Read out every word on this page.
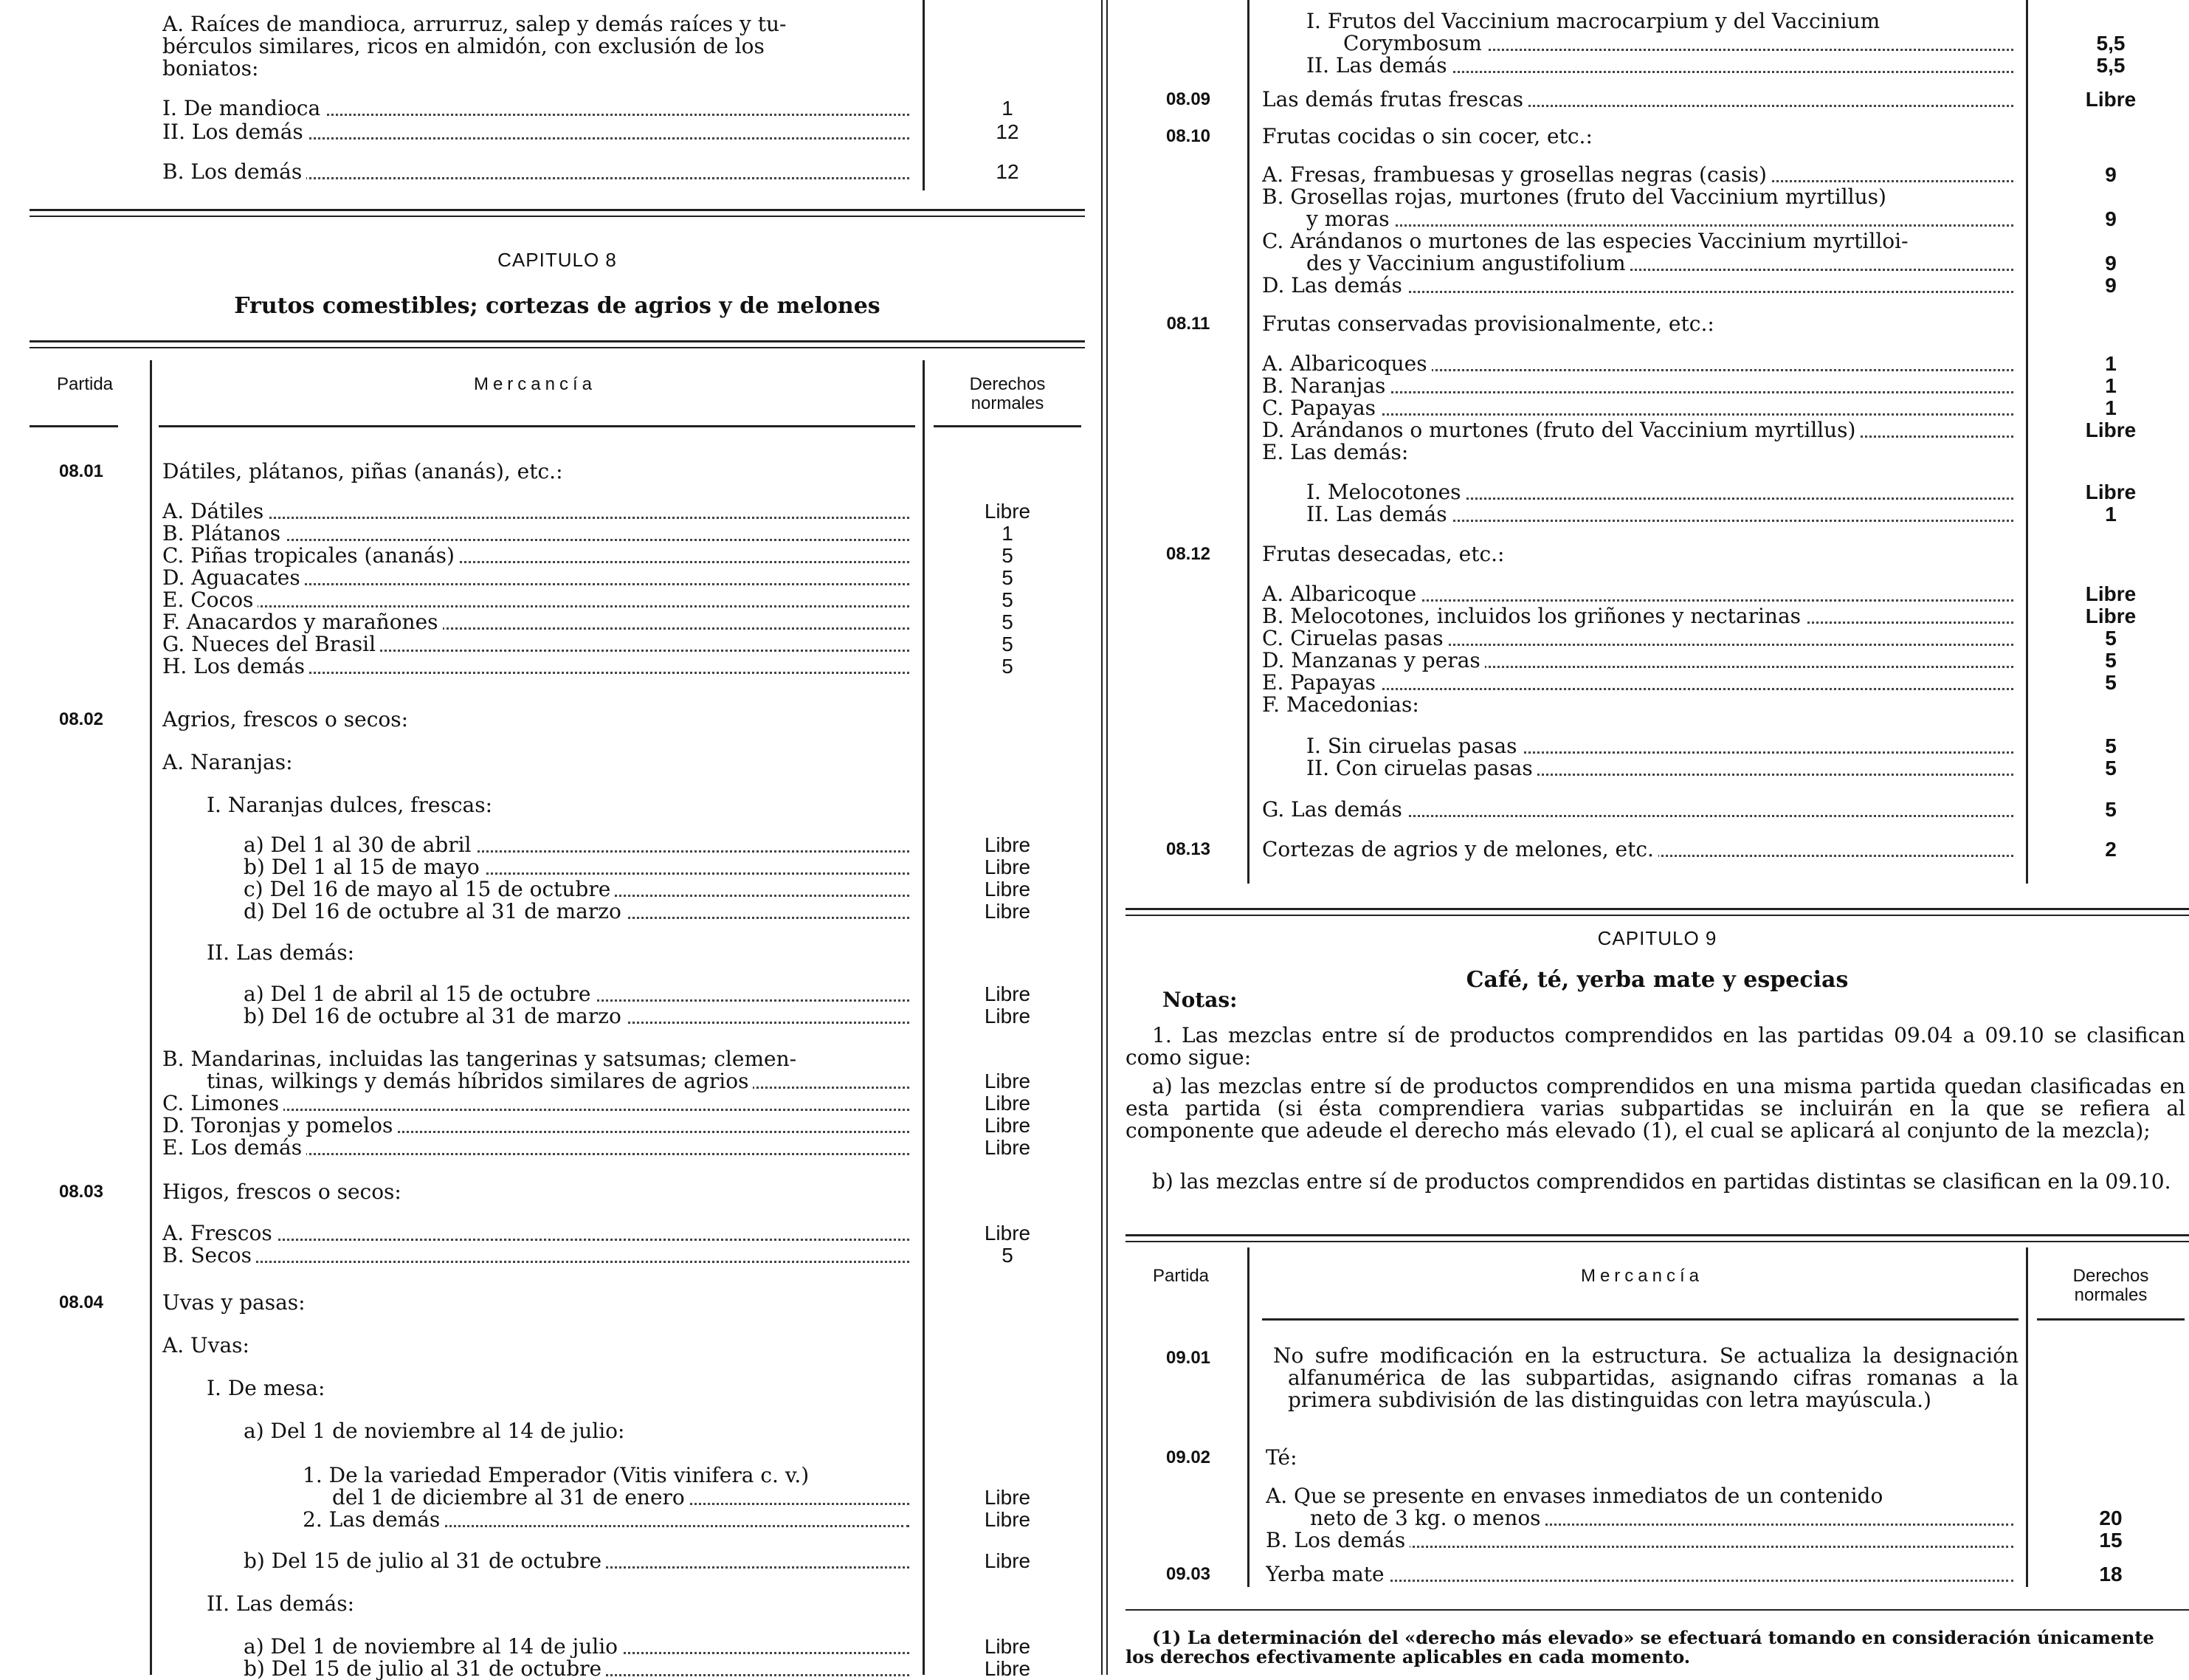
A. Raíces de mandioca, arrurruz, salep y demás raíces y tu-
bérculos similares, ricos en almidón, con exclusión de los
boniatos:
I. De mandioca	1
II. Los demás	12
B. Los demás	12
CAPITULO 8
Frutos comestibles; cortezas de agrios y de melones
Partida	Mercancía	Derechos normales
08.01	Dátiles, plátanos, piñas (ananás), etc.:
A. Dátiles	Libre
B. Plátanos	1
C. Piñas tropicales (ananás)	5
D. Aguacates	5
E. Cocos	5
F. Anacardos y marañones	5
G. Nueces del Brasil	5
H. Los demás	5
08.02	Agrios, frescos o secos:
A. Naranjas:
I. Naranjas dulces, frescas:
a) Del 1 al 30 de abril	Libre
b) Del 1 al 15 de mayo	Libre
c) Del 16 de mayo al 15 de octubre	Libre
d) Del 16 de octubre al 31 de marzo	Libre
II. Las demás:
a) Del 1 de abril al 15 de octubre	Libre
b) Del 16 de octubre al 31 de marzo	Libre
B. Mandarinas, incluidas las tangerinas y satsumas; clemen-
tinas, wilkings y demás híbridos similares de agrios	Libre
C. Limones	Libre
D. Toronjas y pomelos	Libre
E. Los demás	Libre
08.03	Higos, frescos o secos:
A. Frescos	Libre
B. Secos	5
08.04	Uvas y pasas:
A. Uvas:
I. De mesa:
a) Del 1 de noviembre al 14 de julio:
1. De la variedad Emperador (Vitis vinifera c. v.)
del 1 de diciembre al 31 de enero	Libre
2. Las demás	Libre
b) Del 15 de julio al 31 de octubre	Libre
II. Las demás:
a) Del 1 de noviembre al 14 de julio	Libre
b) Del 15 de julio al 31 de octubre	Libre
I. Frutos del Vaccinium macrocarpium y del Vaccinium
Corymbosum	5,5
II. Las demás	5,5
08.09	Las demás frutas frescas	Libre
08.10	Frutas cocidas o sin cocer, etc.:
A. Fresas, frambuesas y grosellas negras (casis)	9
B. Grosellas rojas, murtones (fruto del Vaccinium myrtillus)
y moras	9
C. Arándanos o murtones de las especies Vaccinium myrtilloi-
des y Vaccinium angustifolium	9
D. Las demás	9
08.11	Frutas conservadas provisionalmente, etc.:
A. Albaricoques	1
B. Naranjas	1
C. Papayas	1
D. Arándanos o murtones (fruto del Vaccinium myrtillus)	Libre
E. Las demás:
I. Melocotones	Libre
II. Las demás	1
08.12	Frutas desecadas, etc.:
A. Albaricoque	Libre
B. Melocotones, incluidos los griñones y nectarinas	Libre
C. Ciruelas pasas	5
D. Manzanas y peras	5
E. Papayas	5
F. Macedonias:
I. Sin ciruelas pasas	5
II. Con ciruelas pasas	5
G. Las demás	5
08.13	Cortezas de agrios y de melones, etc.	2
CAPITULO 9
Café, té, yerba mate y especias
Notas:
1. Las mezclas entre sí de productos comprendidos en las partidas 09.04 a 09.10 se clasifican como sigue:
a) las mezclas entre sí de productos comprendidos en una misma partida quedan clasificadas en esta partida (si ésta comprendiera varias subpartidas se incluirán en la que se refiera al componente que adeude el derecho más elevado (1), el cual se aplicará al conjunto de la mezcla);
b) las mezclas entre sí de productos comprendidos en partidas distintas se clasifican en la 09.10.
Partida	Mercancía	Derechos normales
09.01	No sufre modificación en la estructura. Se actualiza la designación alfanumérica de las subpartidas, asignando cifras romanas a la primera subdivisión de las distinguidas con letra mayúscula.)
09.02	Té:
A. Que se presente en envases inmediatos de un contenido
neto de 3 kg. o menos	20
B. Los demás	15
09.03	Yerba mate	18
(1) La determinación del «derecho más elevado» se efectuará tomando en consideración únicamente los derechos efectivamente aplicables en cada momento.
